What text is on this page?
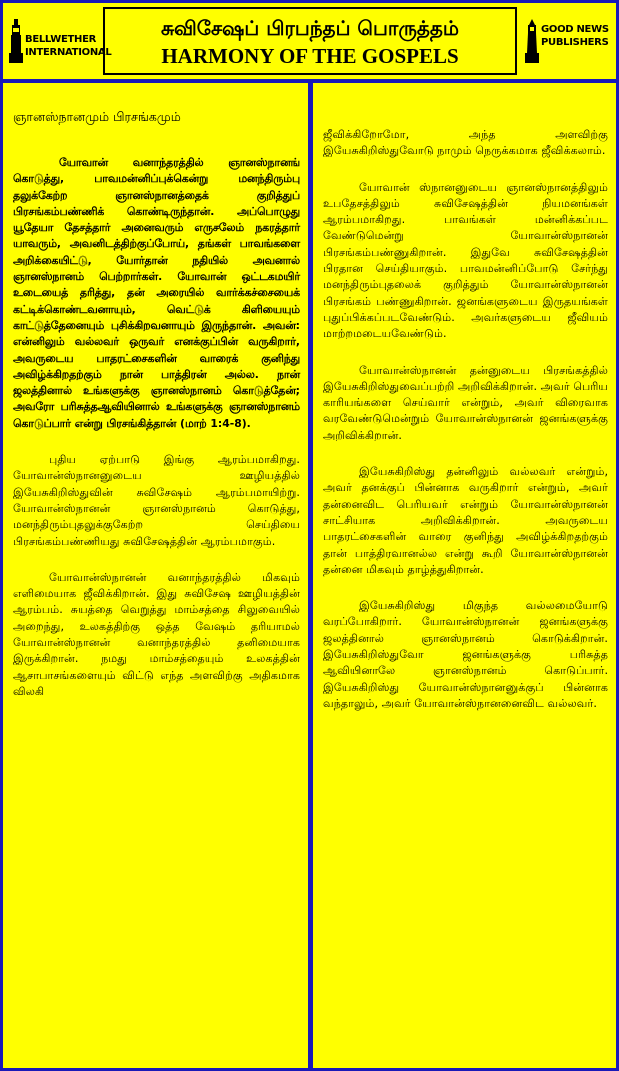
BELLWETHER
INTERNATIONAL
சுவிசேஷப் பிரபந்தப் பொருத்தம்
HARMONY OF THE GOSPELS
GOOD NEWS
PUBLISHERS
ஞானஸ்நானமும் பிரசங்கமும்

யோவான் வனாந்தரத்தில் ஞானஸ்நானங் கொடுத்து, பாவமன்னிப்புக்கென்று மனந்திரும்பு தலுக்கேற்ற ஞானஸ்நானத்தைக் குறித்துப் பிரசங்கம்பண்ணிக் கொண்டிருந்தான். அப்பொழுது யூதேயா தேசத்தார் அனைவரும் எருசலேம் நகரத்தார் யாவரும், அவனிடத்திற்குப்போய், தங்கள் பாவங்களை அறிக்கையிட்டு, யோர்தான் நதியில் அவனால் ஞானஸ்நானம் பெற்றார்கள். யோவான் ஒட்டகமயிர் உடையைத் தரித்து, தன் அரையில் வார்க்கச்சையைக் கட்டிக்கொண்டவனாயும், வெட்டுக் கிளியையும் காட்டுத்தேனையும் புசிக்கிறவனாயும் இருந்தான். அவன்: என்னிலும் வல்லவர் ஒருவர் எனக்குப்பின் வருகிறார், அவருடைய பாதரட்சைகளின் வாரைக் குனிந்து அவிழ்க்கிறதற்கும் நான் பாத்திரன் அல்ல. நான் ஜலத்தினால் உங்களுக்கு ஞானஸ்நானம் கொடுத்தேன்; அவரோ பரிசுத்தஆவியினால் உங்களுக்கு ஞானஸ்நானம் கொடுப்பார் என்று பிரசங்கித்தான் (மாற் 1:4-8).

புதிய ஏற்பாடு இங்கு ஆரம்பமாகிறது. யோவான்ஸ்நானனுடைய ஊழியத்தில் இயேசுகிறிஸ்துவின் சுவிசேஷம் ஆரம்பமாயிற்று. யோவான்ஸ்நானன் ஞானஸ்நானம் கொடுத்து, மனந்திரும்புதலுக்குகேற்ற செய்தியை பிரசங்கம்பண்ணியது சுவிசேஷத்தின் ஆரம்பமாகும்.

யோவான்ஸ்நானன் வனாந்தரத்தில் மிகவும் எளிமையாக ஜீவிக்கிறான். இது சுவிசேஷ ஊழியத்தின் ஆரம்பம். சுயத்தை வெறுத்து மாம்சத்தை சிலுவையில் அறைந்து, உலகத்திற்கு ஒத்த வேஷம் தரியாமல் யோவான்ஸ்நானன் வனாந்தரத்தில் தனிமையாக இருக்கிறான். நமது மாம்சத்தையும் உலகத்தின் ஆசாபாசங்களையும் விட்டு எந்த அளவிற்கு அதிகமாக விலகி

ஜீவிக்கிறோமோ, அந்த அளவிற்கு இயேசுகிறிஸ்துவோடு நாமும் நெருக்கமாக ஜீவிக்கலாம்.

யோவான் ஸ்நானனுடைய ஞானஸ்நானத்திலும் உபதேசத்திலும் சுவிசேஷத்தின் நியமனங்கள் ஆரம்பமாகிறது. பாவங்கள் மன்னிக்கப்பட வேண்டுமென்று யோவான்ஸ்நானன் பிரசங்கம்பண்ணுகிறான். இதுவே சுவிசேஷத்தின் பிரதான செய்தியாகும். பாவமன்னிப்போடு சேர்ந்து மனந்திரும்புதலைக் குறித்தும் யோவான்ஸ்நானன் பிரசங்கம் பண்ணுகிறான். ஜனங்களுடைய இருதயங்கள் புதுப்பிக்கப்படவேண்டும். அவர்களுடைய ஜீவியம் மாற்றமடையவேண்டும்.

யோவான்ஸ்நானன் தன்னுடைய பிரசங்கத்தில் இயேசுகிறிஸ்துவைப்பற்றி அறிவிக்கிறான். அவர் பெரிய காரியங்களை செய்வார் என்றும், அவர் விரைவாக வரவேண்டுமென்றும் யோவான்ஸ்நானன் ஜனங்களுக்கு அறிவிக்கிறான்.

இயேசுகிறிஸ்து தன்னிலும் வல்லவர் என்றும், அவர் தனக்குப் பின்னாக வருகிறார் என்றும், அவர் தன்னைவிட பெரியவர் என்றும் யோவான்ஸ்நானன் சாட்சியாக அறிவிக்கிறான். அவருடைய பாதரட்சைகளின் வாரை குனிந்து அவிழ்க்கிறதற்கும் தான் பாத்திரவானல்ல என்று கூறி யோவான்ஸ்நானன் தன்னை மிகவும் தாழ்த்துகிறான்.

இயேசுகிறிஸ்து மிகுந்த வல்லமையோடு வரப்போகிறார். யோவான்ஸ்நானன் ஜனங்களுக்கு ஜலத்தினால் ஞானஸ்நானம் கொடுக்கிறான். இயேசுகிறிஸ்துவோ ஜனங்களுக்கு பரிசுத்த ஆவியினாலே ஞானஸ்நானம் கொடுப்பார். இயேசுகிறிஸ்து யோவான்ஸ்நானனுக்குப் பின்னாக வந்தாலும், அவர் யோவான்ஸ்நானனைவிட வல்லவர்.
